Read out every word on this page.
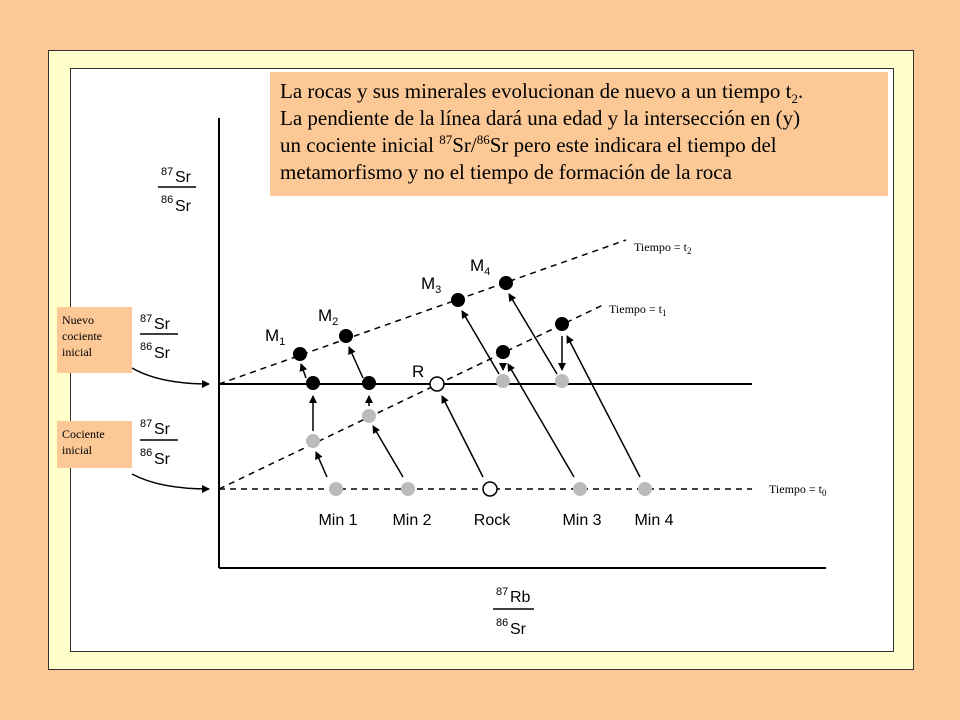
87 Sr
86 Sr
87 Sr
86 Sr
87 Sr
86 Sr
$M_1$
$M_2$
$M_3$
$M_4$
R
Min 1 Min 2	Rock	Min 3 Min 4
Tiempo = $t_2$
Tiempo = $t_1$
Tiempo = $t_0$
87 Rb
86 Sr
Nuevo
cociente
inicial
Cociente
inicial
La rocas y sus minerales evolucionan de nuevo a un tiempo $t_2$.
La pendiente de la línea dará una edad y la intersección en (y)
un cociente inicial $^{87}$Sr/$^{86}$Sr pero este indicara el tiempo del
metamorfismo y no el tiempo de formación de la roca
